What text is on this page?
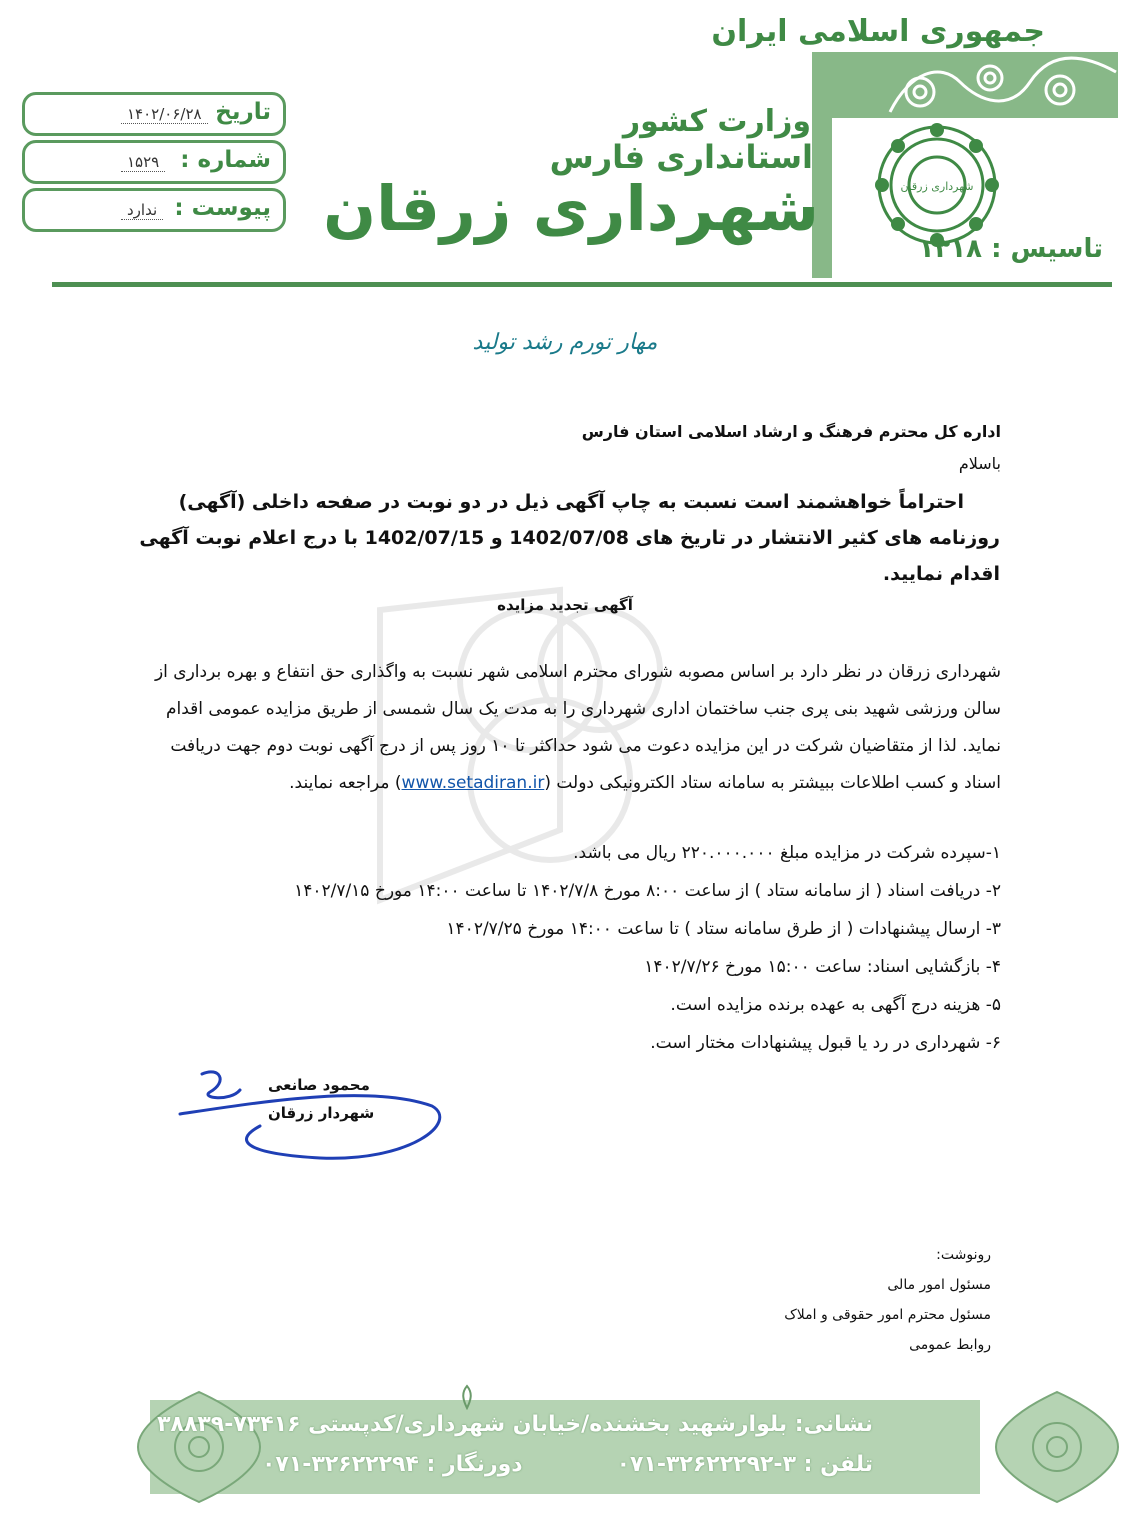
شهرداری زرقان
جمهوری اسلامی ایران
وزارت کشور
استانداری فارس
شهرداری زرقان
تاسیس : ۱۳۱۸
تاریخ
۱۴۰۲/۰۶/۲۸
شماره :
۱۵۲۹
پیوست :
ندارد
مهار تورم رشد تولید
اداره کل محترم فرهنگ و ارشاد اسلامی استان فارس
باسلام
احتراماً خواهشمند است نسبت به چاپ آگهی ذیل در دو نوبت در صفحه داخلی (آگهی) روزنامه های کثیر الانتشار در تاریخ های 1402/07/08 و 1402/07/15 با درج اعلام نوبت آگهی اقدام نمایید.
آگهی تجدید مزایده
شهرداری زرقان در نظر دارد بر اساس مصوبه شورای محترم اسلامی شهر نسبت به واگذاری حق انتفاع و بهره برداری از سالن ورزشی شهید بنی پری جنب ساختمان اداری شهرداری را به مدت یک سال شمسی از طریق مزایده عمومی اقدام نماید. لذا از متقاضیان شرکت در این مزایده دعوت می شود حداکثر تا ۱۰ روز پس از درج آگهی نوبت دوم جهت دریافت اسناد و کسب اطلاعات ببیشتر به سامانه ستاد الکترونیکی دولت (www.setadiran.ir) مراجعه نمایند.
۱-سپرده شرکت در مزایده مبلغ ۲۲۰.۰۰۰.۰۰۰ ریال می باشد.
۲- دریافت اسناد ( از سامانه ستاد ) از ساعت ۸:۰۰ مورخ ۱۴۰۲/۷/۸ تا ساعت ۱۴:۰۰ مورخ ۱۴۰۲/۷/۱۵
۳- ارسال پیشنهادات ( از طرق سامانه ستاد ) تا ساعت ۱۴:۰۰ مورخ ۱۴۰۲/۷/۲۵
۴- بازگشایی اسناد: ساعت ۱۵:۰۰ مورخ ۱۴۰۲/۷/۲۶
۵- هزینه درج آگهی به عهده برنده مزایده است.
۶- شهرداری در رد یا قبول پیشنهادات مختار است.
محمود صانعی
شهردار زرقان
رونوشت:
مسئول امور مالی
مسئول محترم امور حقوقی و املاک
روابط عمومی
نشانی: بلوارشهید بخشنده/خیابان شهرداری/کدپستی ۷۳۴۱۶-۳۸۸۳۹
تلفن : ۳-۳۲۶۲۲۲۹۲-۰۷۱
دورنگار : ۳۲۶۲۲۲۹۴-۰۷۱
